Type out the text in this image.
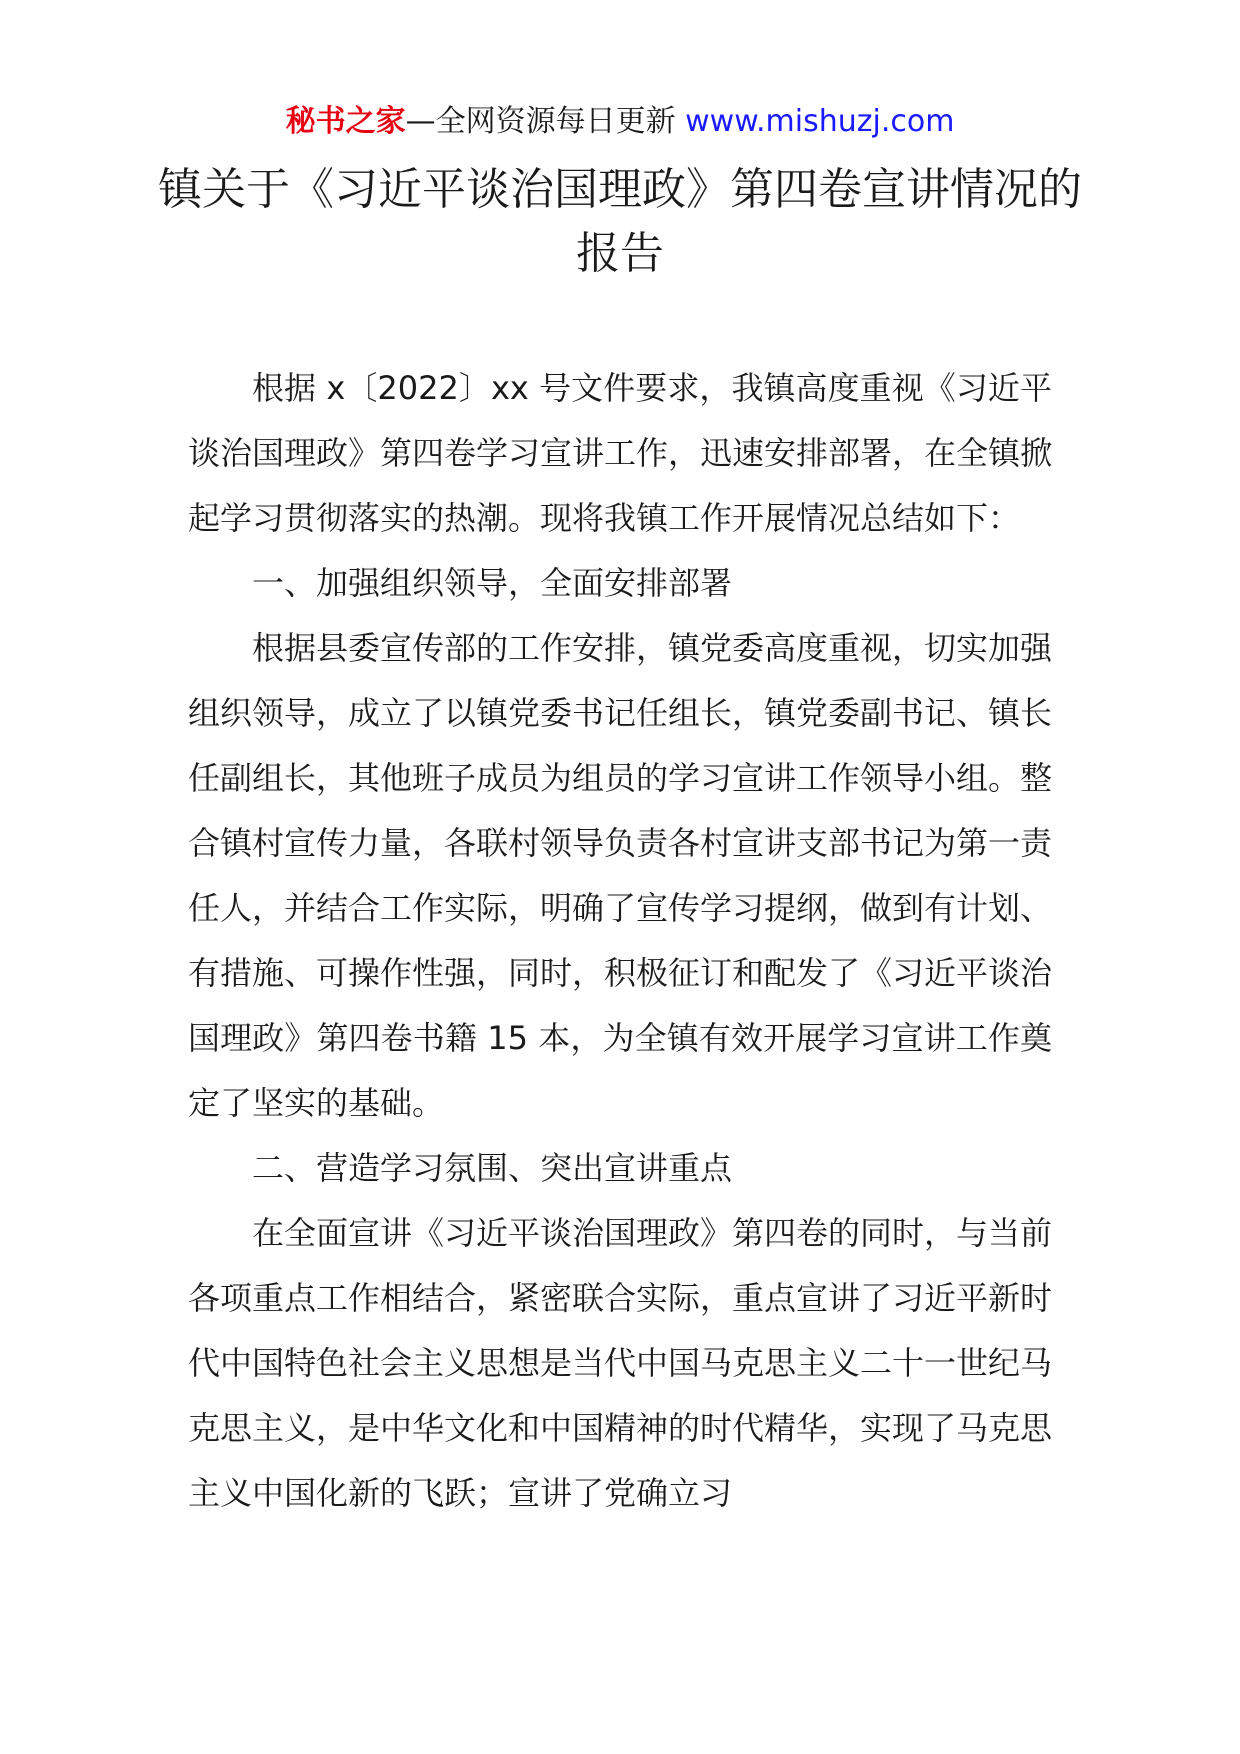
秘书之家—全网资源每日更新 www.mishuzj.com
镇关于《习近平谈治国理政》第四卷宣讲情况的报告

根据 x〔2022〕xx 号文件要求，我镇高度重视《习近平谈治国理政》第四卷学习宣讲工作，迅速安排部署，在全镇掀起学习贯彻落实的热潮。现将我镇工作开展情况总结如下：

一、加强组织领导，全面安排部署

根据县委宣传部的工作安排，镇党委高度重视，切实加强组织领导，成立了以镇党委书记任组长，镇党委副书记、镇长任副组长，其他班子成员为组员的学习宣讲工作领导小组。整合镇村宣传力量，各联村领导负责各村宣讲支部书记为第一责任人，并结合工作实际，明确了宣传学习提纲，做到有计划、有措施、可操作性强，同时，积极征订和配发了《习近平谈治国理政》第四卷书籍 15 本，为全镇有效开展学习宣讲工作奠定了坚实的基础。

二、营造学习氛围、突出宣讲重点

在全面宣讲《习近平谈治国理政》第四卷的同时，与当前各项重点工作相结合，紧密联合实际，重点宣讲了习近平新时代中国特色社会主义思想是当代中国马克思主义二十一世纪马克思主义，是中华文化和中国精神的时代精华，实现了马克思主义中国化新的飞跃；宣讲了党确立习
